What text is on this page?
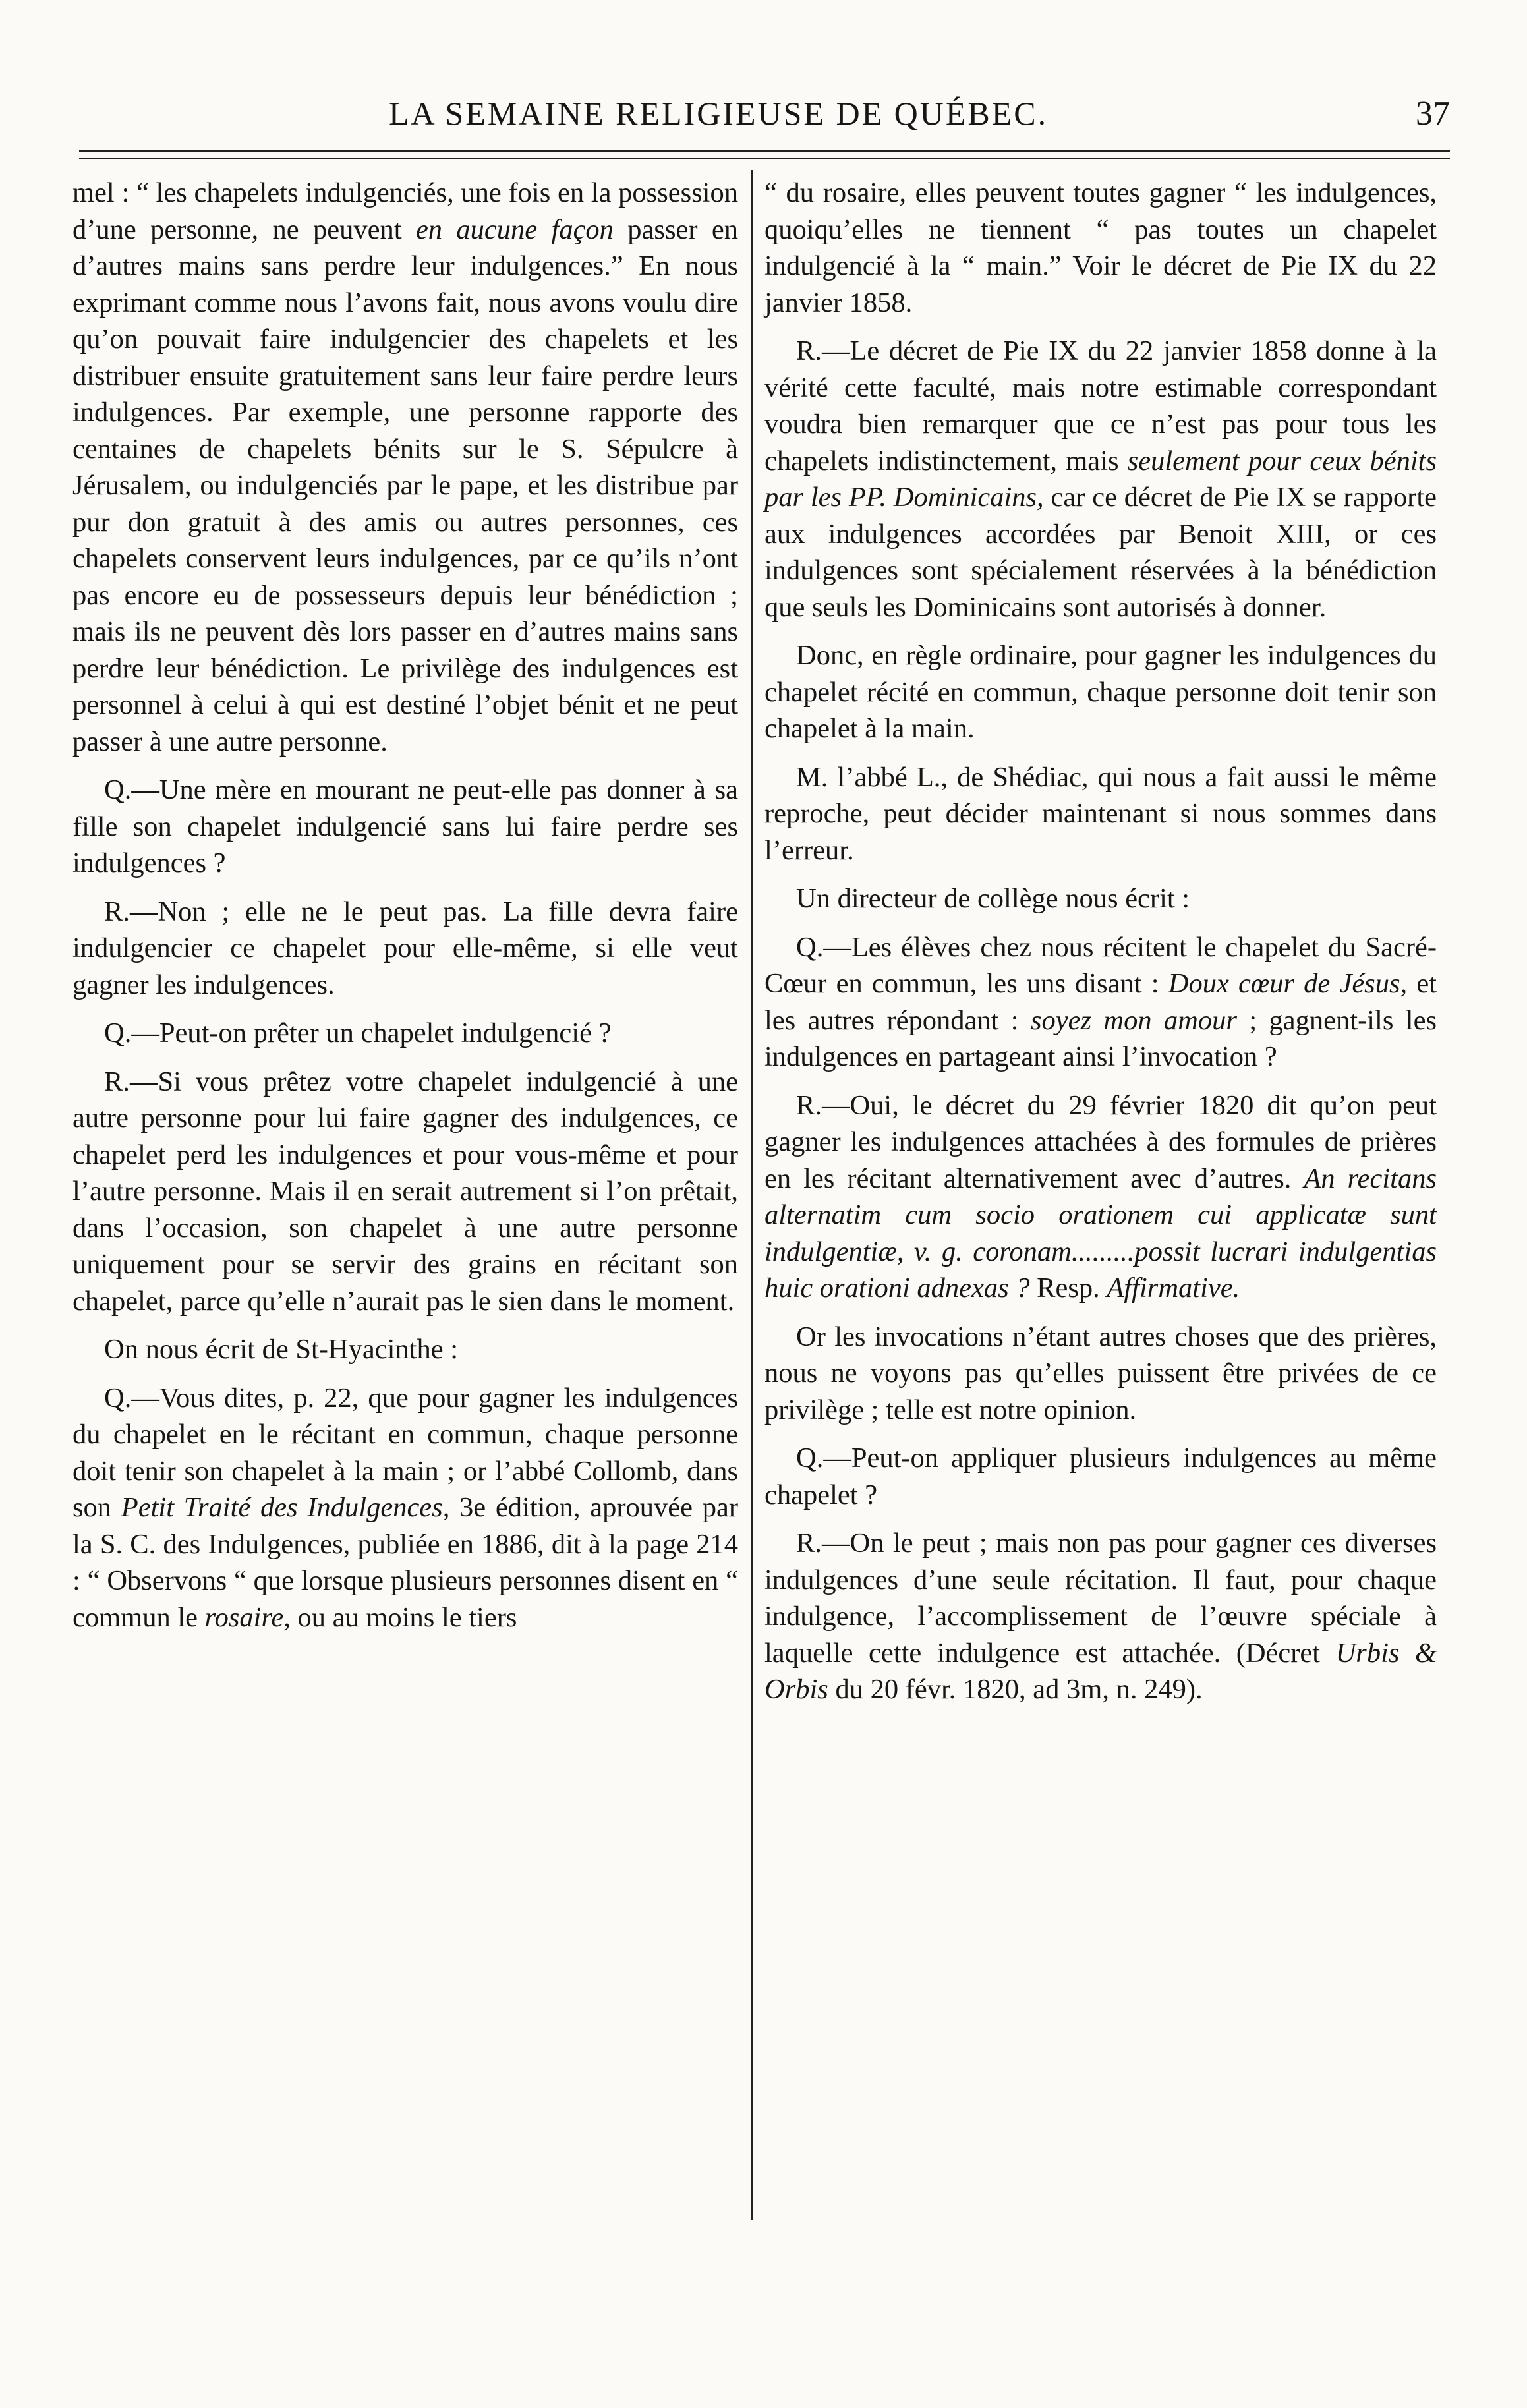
LA SEMAINE RELIGIEUSE DE QUÉBEC.	37

mel : “ les chapelets indulgenciés, une fois en la possession d’une personne, ne peuvent en aucune façon passer en d’autres mains sans perdre leur indulgences.” En nous exprimant comme nous l’avons fait, nous avons voulu dire qu’on pouvait faire indulgencier des chapelets et les distribuer ensuite gratuitement sans leur faire perdre leurs indulgences. Par exemple, une personne rapporte des centaines de chapelets bénits sur le S. Sépulcre à Jérusalem, ou indulgenciés par le pape, et les distribue par pur don gratuit à des amis ou autres personnes, ces chapelets conservent leurs indulgences, par ce qu’ils n’ont pas encore eu de possesseurs depuis leur bénédiction ; mais ils ne peuvent dès lors passer en d’autres mains sans perdre leur bénédiction. Le privilège des indulgences est personnel à celui à qui est destiné l’objet bénit et ne peut passer à une autre personne.

Q.—Une mère en mourant ne peut-elle pas donner à sa fille son chapelet indulgencié sans lui faire perdre ses indulgences ?

R.—Non ; elle ne le peut pas. La fille devra faire indulgencier ce chapelet pour elle-même, si elle veut gagner les indulgences.

Q.—Peut-on prêter un chapelet indulgencié ?

R.—Si vous prêtez votre chapelet indulgencié à une autre personne pour lui faire gagner des indulgences, ce chapelet perd les indulgences et pour vous-même et pour l’autre personne. Mais il en serait autrement si l’on prêtait, dans l’occasion, son chapelet à une autre personne uniquement pour se servir des grains en récitant son chapelet, parce qu’elle n’aurait pas le sien dans le moment.

On nous écrit de St-Hyacinthe :

Q.—Vous dites, p. 22, que pour gagner les indulgences du chapelet en le récitant en commun, chaque personne doit tenir son chapelet à la main ; or l’abbé Collomb, dans son Petit Traité des Indulgences, 3e édition, aprouvée par la S. C. des Indulgences, publiée en 1886, dit à la page 214 : “ Observons “ que lorsque plusieurs personnes disent en “ commun le rosaire, ou au moins le tiers

“ du rosaire, elles peuvent toutes gagner “ les indulgences, quoiqu’elles ne tiennent “ pas toutes un chapelet indulgencié à la “ main.” Voir le décret de Pie IX du 22 janvier 1858.

R.—Le décret de Pie IX du 22 janvier 1858 donne à la vérité cette faculté, mais notre estimable correspondant voudra bien remarquer que ce n’est pas pour tous les chapelets indistinctement, mais seulement pour ceux bénits par les PP. Dominicains, car ce décret de Pie IX se rapporte aux indulgences accordées par Benoit XIII, or ces indulgences sont spécialement réservées à la bénédiction que seuls les Dominicains sont autorisés à donner.

Donc, en règle ordinaire, pour gagner les indulgences du chapelet récité en commun, chaque personne doit tenir son chapelet à la main.

M. l’abbé L., de Shédiac, qui nous a fait aussi le même reproche, peut décider maintenant si nous sommes dans l’erreur.

Un directeur de collège nous écrit :

Q.—Les élèves chez nous récitent le chapelet du Sacré-Cœur en commun, les uns disant : Doux cœur de Jésus, et les autres répondant : soyez mon amour ; gagnent-ils les indulgences en partageant ainsi l’invocation ?

R.—Oui, le décret du 29 février 1820 dit qu’on peut gagner les indulgences attachées à des formules de prières en les récitant alternativement avec d’autres. An recitans alternatim cum socio orationem cui applicatæ sunt indulgentiæ, v. g. coronam.........possit lucrari indulgentias huic orationi adnexas ? Resp. Affirmative.

Or les invocations n’étant autres choses que des prières, nous ne voyons pas qu’elles puissent être privées de ce privilège ; telle est notre opinion.

Q.—Peut-on appliquer plusieurs indulgences au même chapelet ?

R.—On le peut ; mais non pas pour gagner ces diverses indulgences d’une seule récitation. Il faut, pour chaque indulgence, l’accomplissement de l’œuvre spéciale à laquelle cette indulgence est attachée. (Décret Urbis & Orbis du 20 févr. 1820, ad 3m, n. 249).
